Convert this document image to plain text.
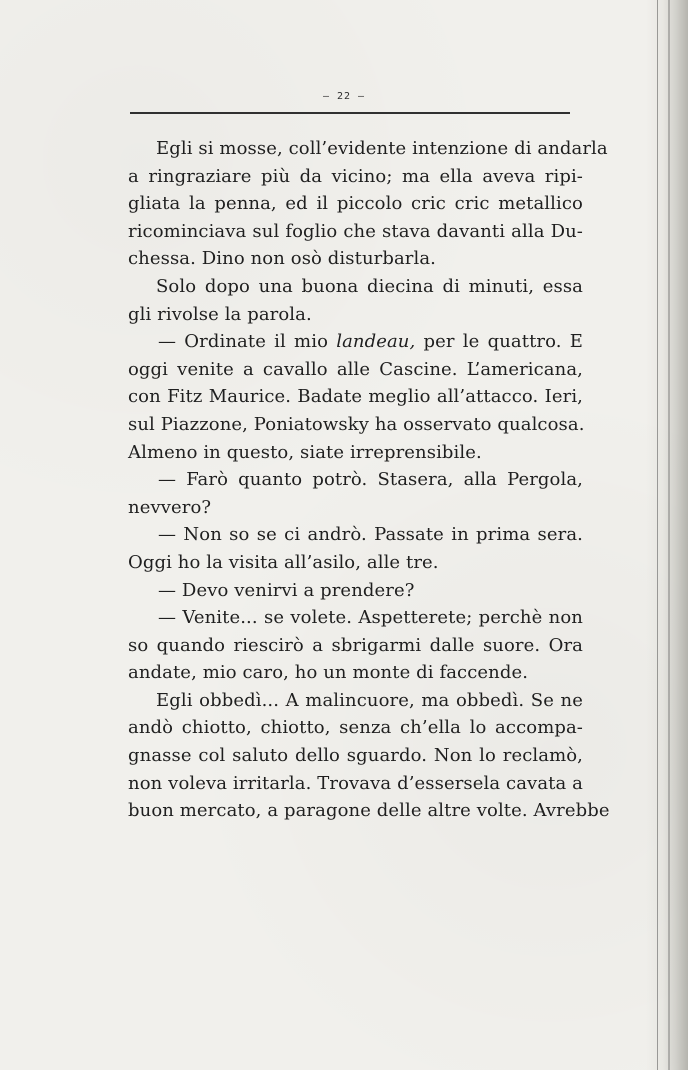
— 22 —
Egli si mosse, coll’evidente intenzione di andarla
a ringraziare più da vicino; ma ella aveva ripi-
gliata la penna, ed il piccolo cric cric metallico
ricominciava sul foglio che stava davanti alla Du-
chessa. Dino non osò disturbarla.
Solo dopo una buona diecina di minuti, essa
gli rivolse la parola.
— Ordinate il mio landeau, per le quattro. E
oggi venite a cavallo alle Cascine. L’americana,
con Fitz Maurice. Badate meglio all’attacco. Ieri,
sul Piazzone, Poniatowsky ha osservato qualcosa.
Almeno in questo, siate irreprensibile.
— Farò quanto potrò. Stasera, alla Pergola,
nevvero?
— Non so se ci andrò. Passate in prima sera.
Oggi ho la visita all’asilo, alle tre.
— Devo venirvi a prendere?
— Venite... se volete. Aspetterete; perchè non
so quando riescirò a sbrigarmi dalle suore. Ora
andate, mio caro, ho un monte di faccende.
Egli obbedì... A malincuore, ma obbedì. Se ne
andò chiotto, chiotto, senza ch’ella lo accompa-
gnasse col saluto dello sguardo. Non lo reclamò,
non voleva irritarla. Trovava d’essersela cavata a
buon mercato, a paragone delle altre volte. Avrebbe
